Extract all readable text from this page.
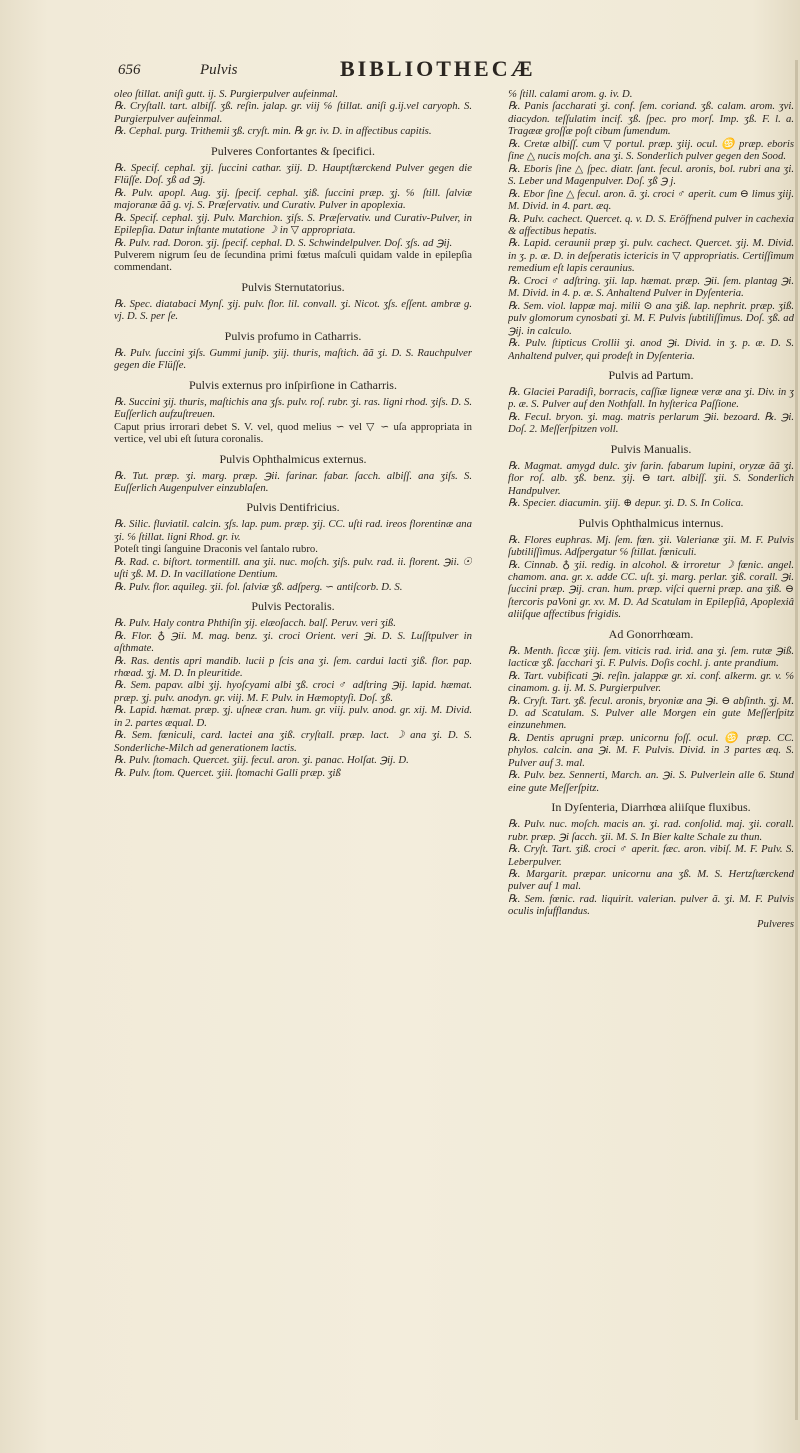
656	Pulvis	BIBLIOTHECÆ

oleo ſtillat. aniſi gutt. ij. S. Purgierpulver aufeinmal.

℞. Cryſtall. tart. albiſſ. ʒß. reſin. jalap. gr. viij ℅ ſtillat. aniſi g.ij.vel caryoph. S. Purgierpulver aufeinmal.

℞. Cephal. purg. Trithemii ʒß. cryſt. min. ℞ gr. iv. D. in affectibus capitis.

Pulveres Confortantes & ſpecifici.

℞. Specif. cephal. ʒij. ſuccini cathar. ʒiij. D. Hauptſtærckend Pulver gegen die Flüſſe. Doſ. ʒß ad ℈j.

℞. Pulv. apopl. Aug. ʒij. ſpecif. cephal. ʒiß. ſuccini præp. ʒj. ℅ ſtill. ſalviæ majoranæ ãã g. vj. S. Præſervativ. und Curativ. Pulver in apoplexia.

℞. Specif. cephal. ʒij. Pulv. Marchion. ʒiſs. S. Præſervativ. und Curativ-Pulver, in Epilepſia. Datur inſtante mutatione ☽ in ▽ appropriata.

℞. Pulv. rad. Doron. ʒij. ſpecif. cephal. D. S. Schwindelpulver. Doſ. ʒſs. ad ℈ij.

Pulverem nigrum ſeu de ſecundina primi fœtus maſculi quidam valde in epilepſia commendant.

Pulvis Sternutatorius.

℞. Spec. diatabaci Mynſ. ʒij. pulv. flor. lil. convall. ʒi. Nicot. ʒſs. eſſent. ambræ g. vj. D. S. per ſe.

Pulvis profumo in Catharris.

℞. Pulv. ſuccini ʒiſs. Gummi juniþ. ʒiij. thuris, maſtich. ãã ʒi. D. S. Rauchpulver gegen die Flüſſe.

Pulvis externus pro inſpirſione in Catharris.

℞. Succini ʒij. thuris, maſtichis ana ʒſs. pulv. roſ. rubr. ʒi. ras. ligni rhod. ʒiſs. D. S. Euſſerlich aufzuſtreuen.

Caput prius irrorari debet S. V. vel, quod melius ∽ vel ▽ ∽ uſa appropriata in vertice, vel ubi eſt ſutura coronalis.

Pulvis Ophthalmicus externus.

℞. Tut. præp. ʒi. marg. præp. ℈ii. farinar. fabar. ſacch. albiſſ. ana ʒiſs. S. Euſſerlich Augenpulver einzublaſen.

Pulvis Dentifricius.

℞. Silic. fluviatil. calcin. ʒſs. lap. pum. præp. ʒij. CC. uſti rad. ireos florentinæ ana ʒi. ℅ ſtillat. ligni Rhod. gr. iv.

Poteſt tingi ſanguine Draconis vel ſantalo rubro.

℞. Rad. c. biſtort. tormentill. ana ʒii. nuc. moſch. ʒiſs. pulv. rad. ii. florent. ℈ii. ☉ uſti ʒß. M. D. In vacillatione Dentium.

℞. Pulv. flor. aquileg. ʒii. fol. ſalviæ ʒß. adſperg. ∽ antiſcorb. D. S.

Pulvis Pectoralis.

℞. Pulv. Haly contra Phthiſin ʒij. elæoſacch. balſ. Peruv. veri ʒiß.

℞. Flor. ♁ ℈ii. M. mag. benz. ʒi. croci Orient. veri ℈i. D. S. Luſſtpulver in aſthmate.

℞. Ras. dentis apri mandib. lucii p ſcis ana ʒi. ſem. cardui lacti ʒiß. flor. pap. rhœad. ʒj. M. D. In pleuritide.

℞. Sem. papav. albi ʒij. hyoſcyami albi ʒß. croci ♂ adſtring ℈ij. lapid. hæmat. præp. ʒj. pulv. anodyn. gr. viij. M. F. Pulv. in Hæmoptyſi. Doſ. ʒß.

℞. Lapid. hæmat. præp. ʒj. uſneæ cran. hum. gr. viij. pulv. anod. gr. xij. M. Divid. in 2. partes æqual. D.

℞. Sem. fœniculi, card. lactei ana ʒiß. cryſtall. præp. lact. ☽ ana ʒi. D. S. Sonderliche-Milch ad generationem lactis.

℞. Pulv. ſtomach. Quercet. ʒiij. fecul. aron. ʒi. panac. Holſat. ℈ij. D.

℞. Pulv. ſtom. Quercet. ʒiii. ſtomachi Galli præp. ʒiß

℅ ſtill. calami arom. g. iv. D.

℞. Panis ſaccharati ʒi. conf. ſem. coriand. ʒß. calam. arom. ʒvi. diacydon. teſſulatim incif. ʒß. ſpec. pro morſ. Imp. ʒß. F. l. a. Tragææ groſſæ poſt cibum ſumendum.

℞. Cretæ albiſſ. cum ▽ portul. præp. ʒiij. ocul. ♋ præp. eboris ſine △ nucis moſch. ana ʒi. S. Sonderlich pulver gegen den Sood.

℞. Eboris ſine △ ſpec. diatr. ſant. fecul. aronis, bol. rubri ana ʒi. S. Leber und Magenpulver. Doſ. ʒß ℈ j.

℞. Ebor ſine △ fecul. aron. ã. ʒi. croci ♂ aperit. cum ⊖ limus ʒiij. M. Divid. in 4. part. æq.

℞. Pulv. cachect. Quercet. q. v. D. S. Eröffnend pulver in cachexia & affectibus hepatis.

℞. Lapid. ceraunii præp ʒi. pulv. cachect. Quercet. ʒij. M. Divid. in ʒ. p. æ. D. in deſperatis ictericis in ▽ appropriatis. Certiſſimum remedium eſt lapis ceraunius.

℞. Croci ♂ adſtring. ʒii. lap. hæmat. præp. ℈ii. ſem. plantag ℈i. M. Divid. in 4. p. æ. S. Anhaltend Pulver in Dyſenteria.

℞. Sem. viol. lappæ maj. milii ⊙ ana ʒiß. lap. nephrit. præp. ʒiß. pulv glomorum cynosbati ʒi. M. F. Pulvis ſubtiliſſimus. Doſ. ʒß. ad ℈ij. in calculo.

℞. Pulv. ſtipticus Crollii ʒi. anod ℈i. Divid. in ʒ. p. æ. D. S. Anhaltend pulver, qui prodeſt in Dyſenteria.

Pulvis ad Partum.

℞. Glaciei Paradiſi, borracis, caſſiæ ligneæ veræ ana ʒi. Div. in ʒ p. æ. S. Pulver auf den Nothfall. In hyſterica Paſſione.

℞. Fecul. bryon. ʒi. mag. matris perlarum ℈ii. bezoard. ℞. ℈i. Doſ. 2. Meſſerſpitzen voll.

Pulvis Manualis.

℞. Magmat. amygd dulc. ʒiv farin. fabarum lupini, oryzæ ãã ʒi. flor roſ. alb. ʒß. benz. ʒij. ⊖ tart. albiſſ. ʒii. S. Sonderlich Handpulver.

℞. Specier. diacumin. ʒiij. ⊕ depur. ʒi. D. S. In Colica.

Pulvis Ophthalmicus internus.

℞. Flores euphras. Mj. ſem. fœn. ʒii. Valerianæ ʒii. M. F. Pulvis ſubtiliſſimus. Adſpergatur ℅ ſtillat. fœniculi.

℞. Cinnab. ♁ ʒii. redig. in alcohol. & irroretur ☽ fœnic. angel. chamom. ana. gr. x. adde CC. uſt. ʒi. marg. perlar. ʒiß. corall. ℈i. ſuccini præp. ℈ij. cran. hum. præp. viſci querni præp. ana ʒiß. ⊖ ſtercoris paVoni gr. xv. M. D. Ad Scatulam in Epilepſiâ, Apoplexiâ aliiſque affectibus frigidis.

Ad Gonorrhœam.

℞. Menth. ſiccæ ʒiij. ſem. viticis rad. irid. ana ʒi. ſem. rutæ ℈iß. lacticæ ʒß. ſacchari ʒi. F. Pulvis. Doſis cochl. j. ante prandium.

℞. Tart. vubificati ℈i. reſin. jalappæ gr. xi. conf. alkerm. gr. v. ℅ cinamom. g. ij. M. S. Purgierpulver.

℞. Cryſt. Tart. ʒß. fecul. aronis, bryoniæ ana ℈i. ⊖ abſinth. ʒj. M. D. ad Scatulam. S. Pulver alle Morgen ein gute Meſſerſpitz einzunehmen.

℞. Dentis aprugni præp. unicornu foſſ. ocul. ♋ præp. CC. phylos. calcin. ana ℈i. M. F. Pulvis. Divid. in 3 partes æq. S. Pulver auf 3. mal.

℞. Pulv. bez. Sennerti, March. an. ℈i. S. Pulverlein alle 6. Stund eine gute Meſſerſpitz.

In Dyſenteria, Diarrhœa aliiſque fluxibus.

℞. Pulv. nuc. moſch. macis an. ʒi. rad. conſolid. maj. ʒii. corall. rubr. præp. ℈i ſacch. ʒii. M. S. In Bier kalte Schale zu thun.

℞. Cryſt. Tart. ʒiß. croci ♂ aperit. fæc. aron. vibiſ. M. F. Pulv. S. Leberpulver.

℞. Margarit. præpar. unicornu ana ʒß. M. S. Hertzſtærckend pulver auf 1 mal.

℞. Sem. fœnic. rad. liquirit. valerian. pulver ã. ʒi. M. F. Pulvis oculis inſufflandus.

Pulveres
